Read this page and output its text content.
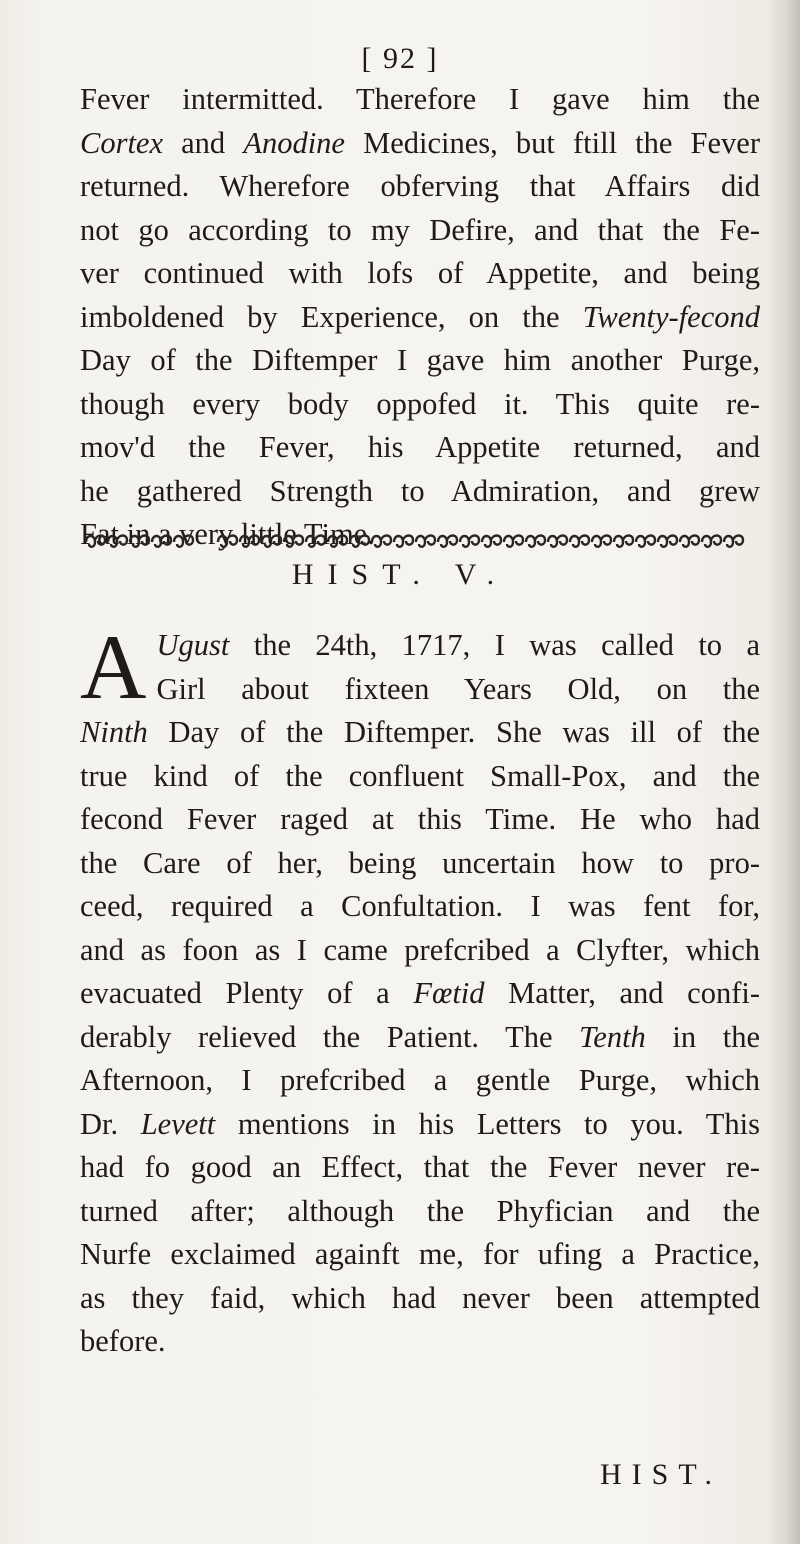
[ 92 ]

Fever intermitted. Therefore I gave him the
Cortex and Anodine Medicines, but ftill the Fever
returned. Wherefore obferving that Affairs did
not go according to my Defire, and that the Fe-
ver continued with lofs of Appetite, and being
imboldened by Experience, on the Twenty-fecond
Day of the Diftemper I gave him another Purge,
though every body oppofed it. This quite re-
mov'd the Fever, his Appetite returned, and
he gathered Strength to Admiration, and grew
Fat in a very little Time.

HIST. V.
A Ugust the 24th, 1717, I was called to a
Girl about fixteen Years Old, on the
Ninth Day of the Diftemper. She was ill of the
true kind of the confluent Small-Pox, and the
fecond Fever raged at this Time. He who had
the Care of her, being uncertain how to pro-
ceed, required a Confultation. I was fent for,
and as foon as I came prefcribed a Clyfter, which
evacuated Plenty of a Fœtid Matter, and confi-
derably relieved the Patient. The Tenth in the
Afternoon, I prefcribed a gentle Purge, which
Dr. Levett mentions in his Letters to you. This
had fo good an Effect, that the Fever never re-
turned after; although the Phyfician and the
Nurfe exclaimed againft me, for ufing a Practice,
as they faid, which had never been attempted
before.

HIST.
